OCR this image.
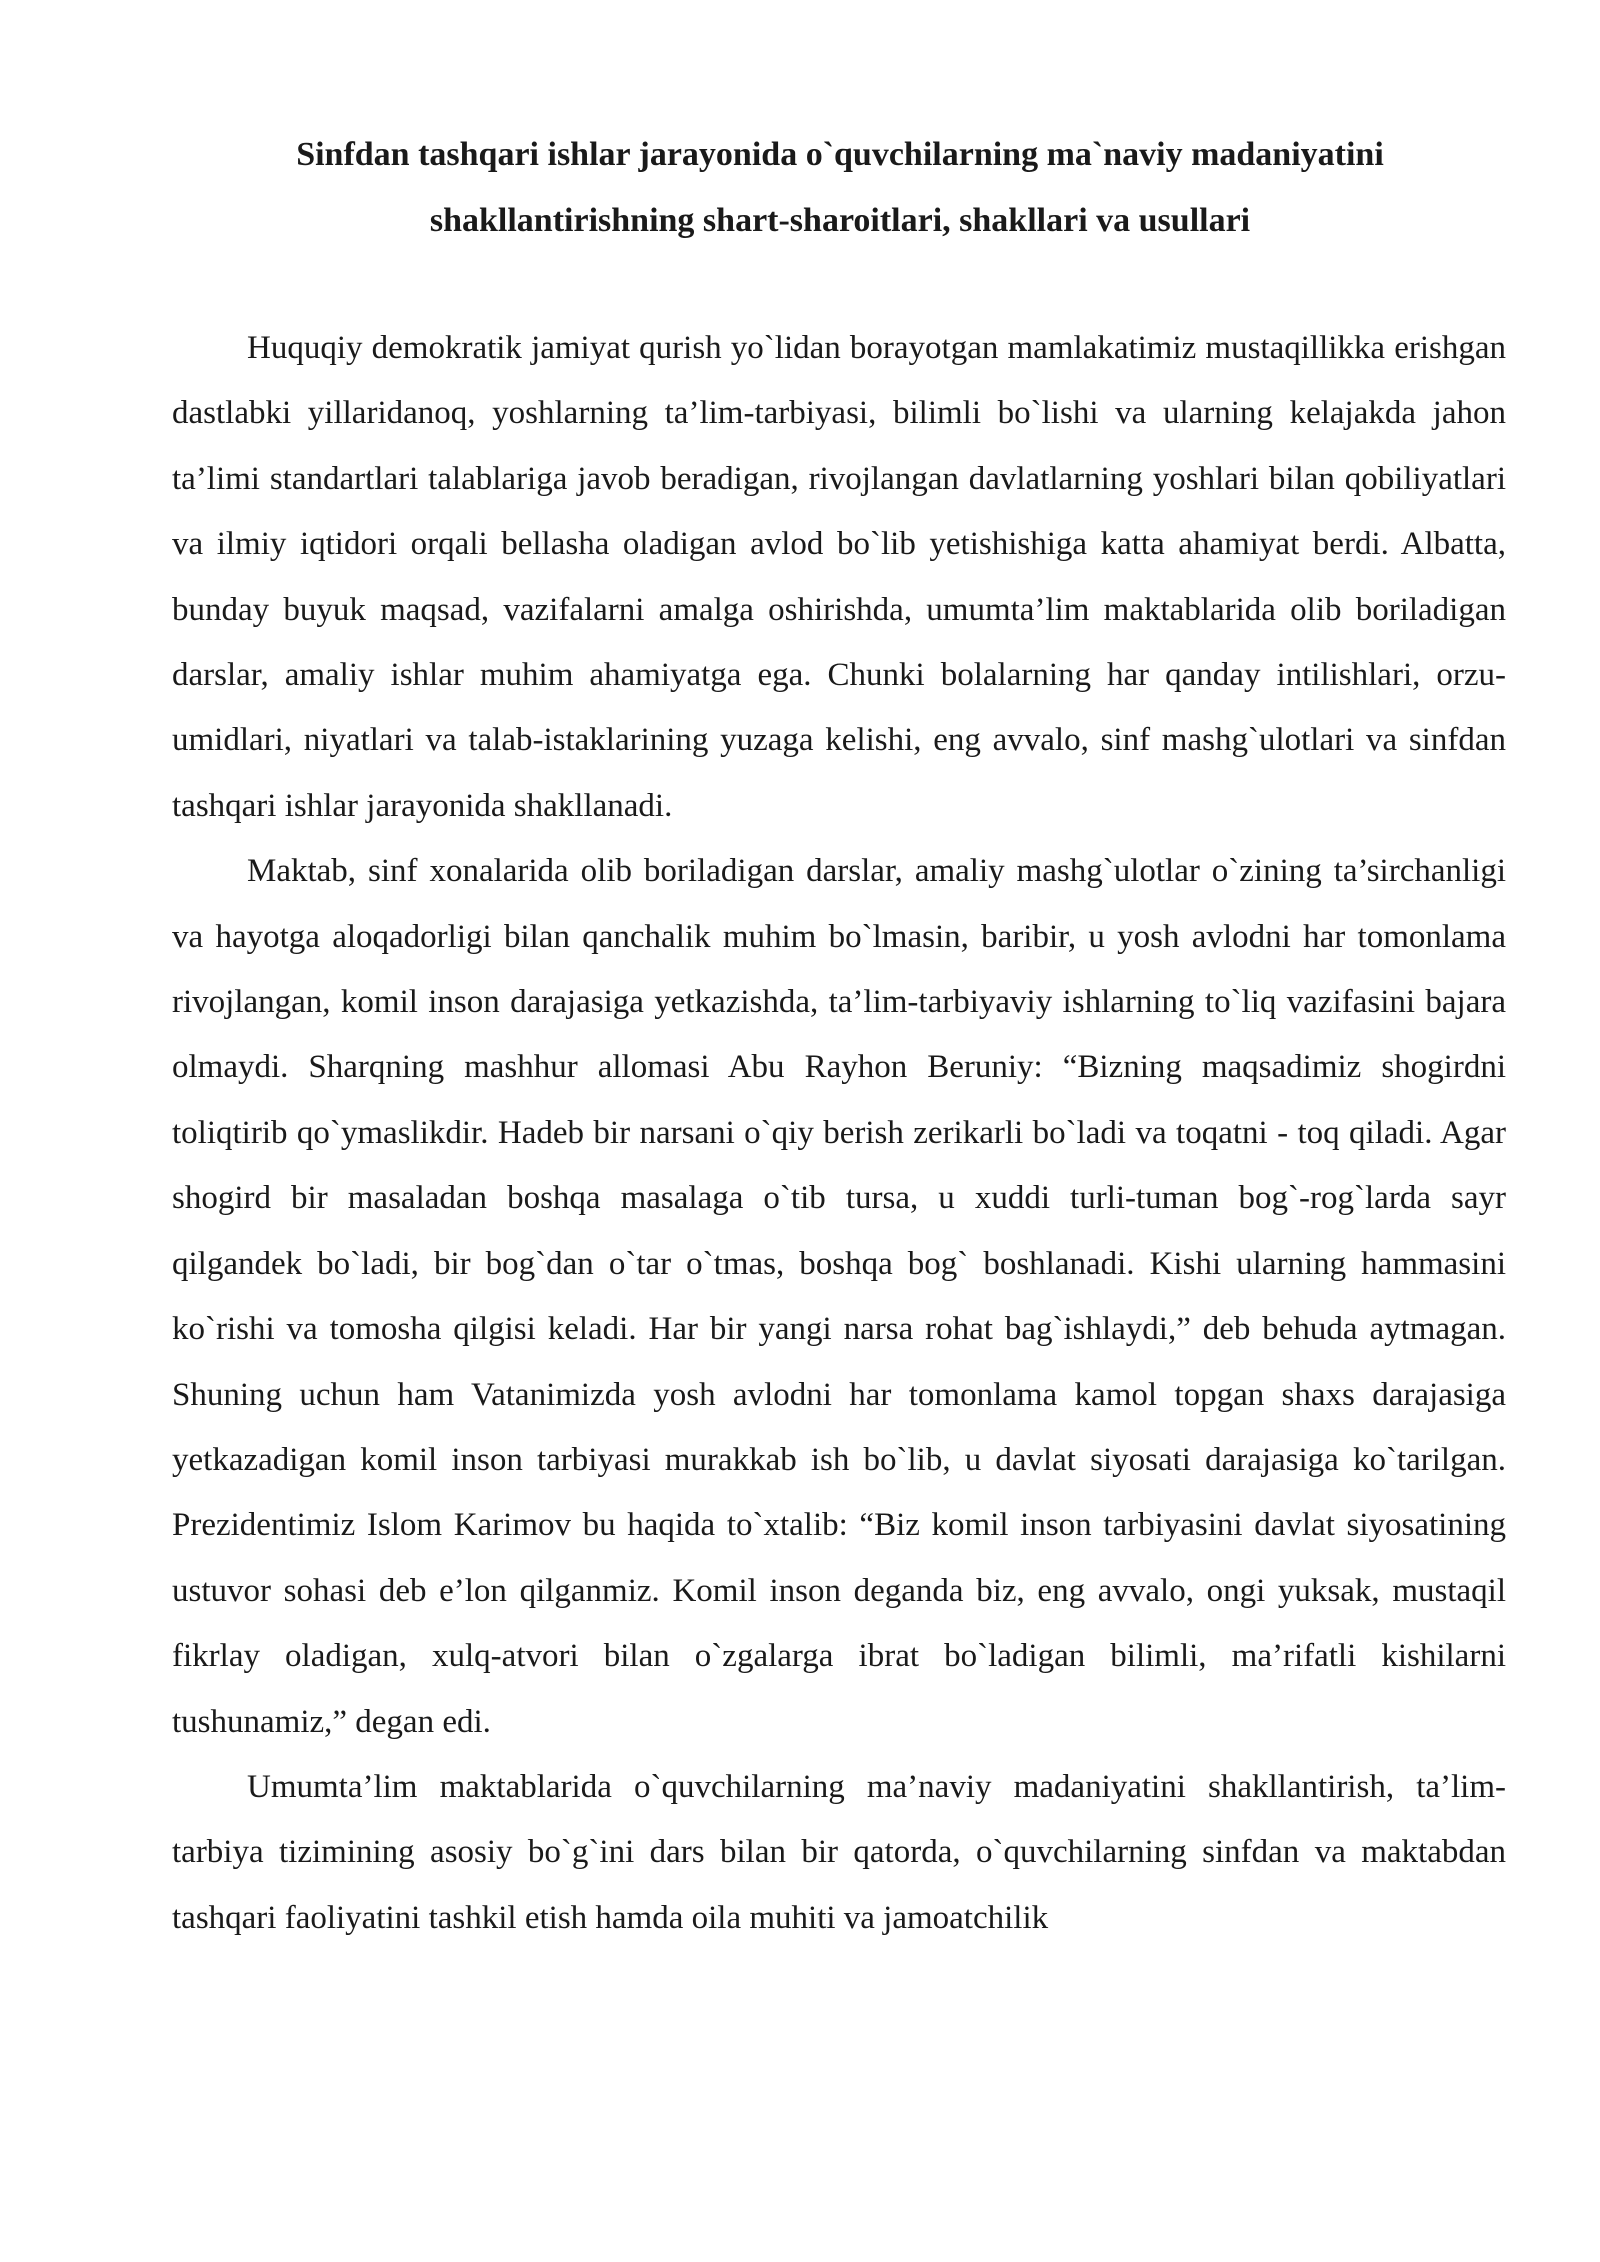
Sinfdan tashqari ishlar jarayonida o`quvchilarning ma`naviy madaniyatini
shakllantirishning shart-sharoitlari, shakllari va usullari

Huquqiy demokratik jamiyat qurish yo`lidan borayotgan mamlakatimiz mustaqillikka erishgan dastlabki yillaridanoq, yoshlarning ta’lim-tarbiyasi, bilimli bo`lishi va ularning kelajakda jahon ta’limi standartlari talablariga javob beradigan, rivojlangan davlatlarning yoshlari bilan qobiliyatlari va ilmiy iqtidori orqali bellasha oladigan avlod bo`lib yetishishiga katta ahamiyat berdi. Albatta, bunday buyuk maqsad, vazifalarni amalga oshirishda, umumta’lim maktablarida olib boriladigan darslar, amaliy ishlar muhim ahamiyatga ega. Chunki bolalarning har qanday intilishlari, orzu-umidlari, niyatlari va talab-istaklarining yuzaga kelishi, eng avvalo, sinf mashg`ulotlari va sinfdan tashqari ishlar jarayonida shakllanadi.

Maktab, sinf xonalarida olib boriladigan darslar, amaliy mashg`ulotlar o`zining ta’sirchanligi va hayotga aloqadorligi bilan qanchalik muhim bo`lmasin, baribir, u yosh avlodni har tomonlama rivojlangan, komil inson darajasiga yetkazishda, ta’lim-tarbiyaviy ishlarning to`liq vazifasini bajara olmaydi. Sharqning mashhur allomasi Abu Rayhon Beruniy: “Bizning maqsadimiz shogirdni toliqtirib qo`ymaslikdir. Hadeb bir narsani o`qiy berish zerikarli bo`ladi va toqatni - toq qiladi. Agar shogird bir masaladan boshqa masalaga o`tib tursa, u xuddi turli-tuman bog`-rog`larda sayr qilgandek bo`ladi, bir bog`dan o`tar o`tmas, boshqa bog` boshlanadi. Kishi ularning hammasini ko`rishi va tomosha qilgisi keladi. Har bir yangi narsa rohat bag`ishlaydi,” deb behuda aytmagan. Shuning uchun ham Vatanimizda yosh avlodni har tomonlama kamol topgan shaxs darajasiga yetkazadigan komil inson tarbiyasi murakkab ish bo`lib, u davlat siyosati darajasiga ko`tarilgan. Prezidentimiz Islom Karimov bu haqida to`xtalib: “Biz komil inson tarbiyasini davlat siyosatining ustuvor sohasi deb e’lon qilganmiz. Komil inson deganda biz, eng avvalo, ongi yuksak, mustaqil fikrlay oladigan, xulq-atvori bilan o`zgalarga ibrat bo`ladigan bilimli, ma’rifatli kishilarni tushunamiz,” degan edi.

Umumta’lim maktablarida o`quvchilarning ma’naviy madaniyatini shakllantirish, ta’lim-tarbiya tizimining asosiy bo`g`ini dars bilan bir qatorda, o`quvchilarning sinfdan va maktabdan tashqari faoliyatini tashkil etish hamda oila muhiti va jamoatchilik
